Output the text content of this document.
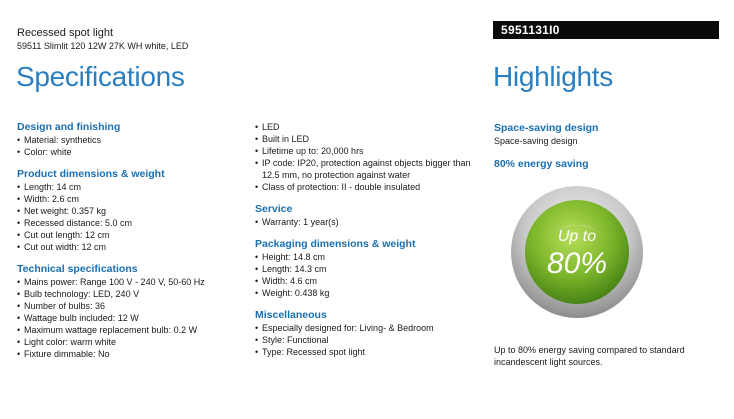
Recessed spot light
59511 Slimlit 120 12W 27K WH white, LED
5951131I0
Specifications	Highlights
Design and finishing
• Material: synthetics
• Color: white
Product dimensions & weight
• Length: 14 cm
• Width: 2.6 cm
• Net weight: 0.357 kg
• Recessed distance: 5.0 cm
• Cut out length: 12 cm
• Cut out width: 12 cm
Technical specifications
• Mains power: Range 100 V - 240 V, 50-60 Hz
• Bulb technology: LED, 240 V
• Number of bulbs: 36
• Wattage bulb included: 12 W
• Maximum wattage replacement bulb: 0.2 W
• Light color: warm white
• Fixture dimmable: No
• LED
• Built in LED
• Lifetime up to: 20,000 hrs
• IP code: IP20, protection against objects bigger than 12.5 mm, no protection against water
• Class of protection: II - double insulated
Service
• Warranty: 1 year(s)
Packaging dimensions & weight
• Height: 14.8 cm
• Length: 14.3 cm
• Width: 4.6 cm
• Weight: 0.438 kg
Miscellaneous
• Especially designed for: Living- & Bedroom
• Style: Functional
• Type: Recessed spot light
Space-saving design
Space-saving design
80% energy saving
Up to
80%
Up to 80% energy saving compared to standard incandescent light sources.
